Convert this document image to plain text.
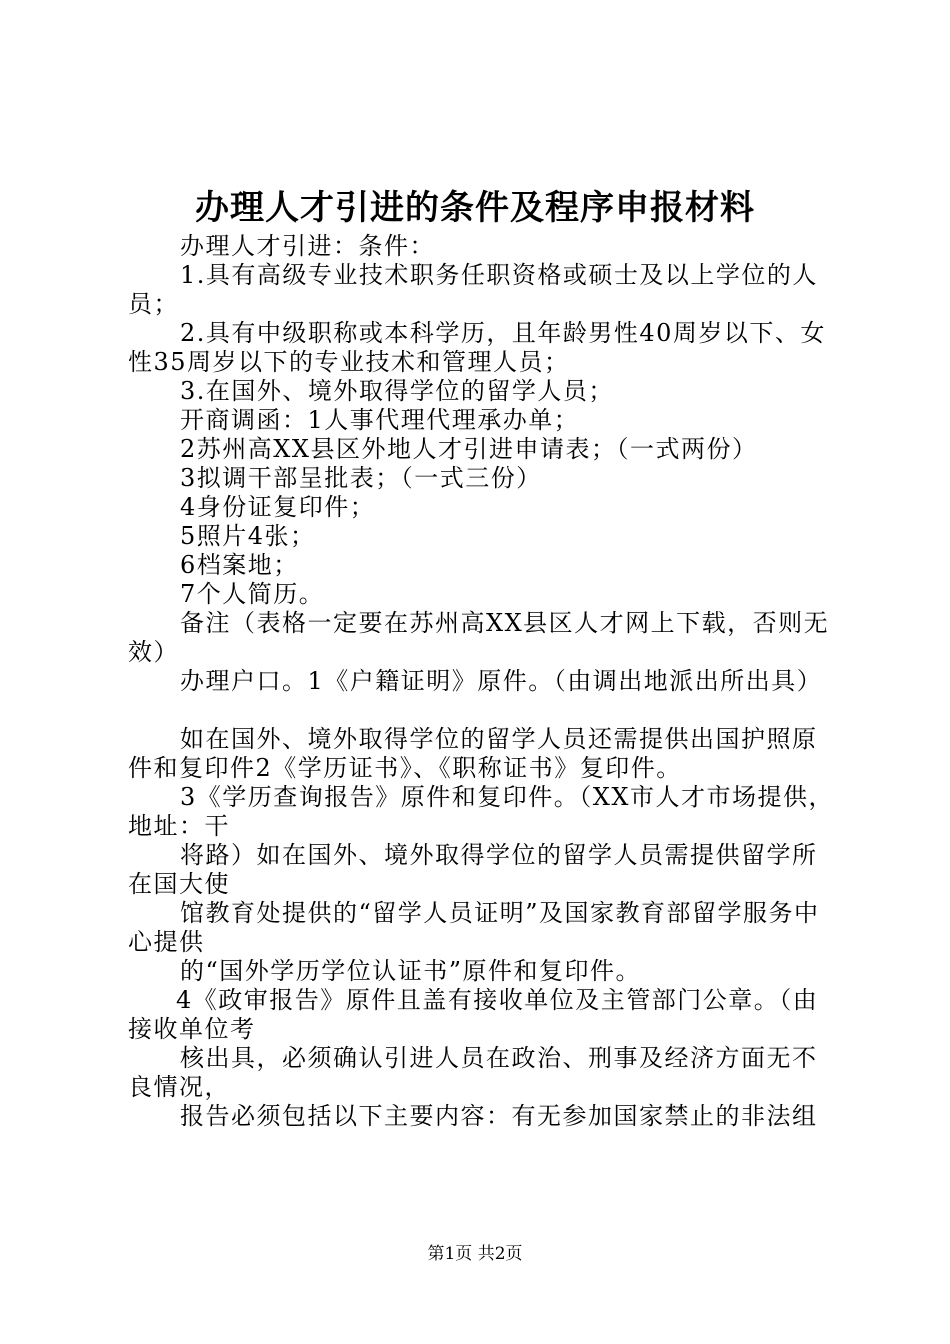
办理人才引进的条件及程序申报材料

办理人才引进：条件：

1.具有高级专业技术职务任职资格或硕士及以上学位的人员；

2.具有中级职称或本科学历，且年龄男性40周岁以下、女性35周岁以下的专业技术和管理人员；

3.在国外、境外取得学位的留学人员；

开商调函：1人事代理代理承办单；

2苏州高XX县区外地人才引进申请表；（一式两份）

3拟调干部呈批表；（一式三份）

4身份证复印件；

5照片4张；

6档案地；

7个人简历。

备注（表格一定要在苏州高XX县区人才网上下载，否则无效）

办理户口。1《户籍证明》原件。（由调出地派出所出具）

如在国外、境外取得学位的留学人员还需提供出国护照原件和复印件2《学历证书》、《职称证书》复印件。

3《学历查询报告》原件和复印件。（XX市人才市场提供，地址：干

将路）如在国外、境外取得学位的留学人员需提供留学所在国大使

馆教育处提供的“留学人员证明”及国家教育部留学服务中心提供

的“国外学历学位认证书”原件和复印件。

4《政审报告》原件且盖有接收单位及主管部门公章。（由接收单位考

核出具，必须确认引进人员在政治、刑事及经济方面无不良情况，

报告必须包括以下主要内容：有无参加国家禁止的非法组

第1页 共2页
